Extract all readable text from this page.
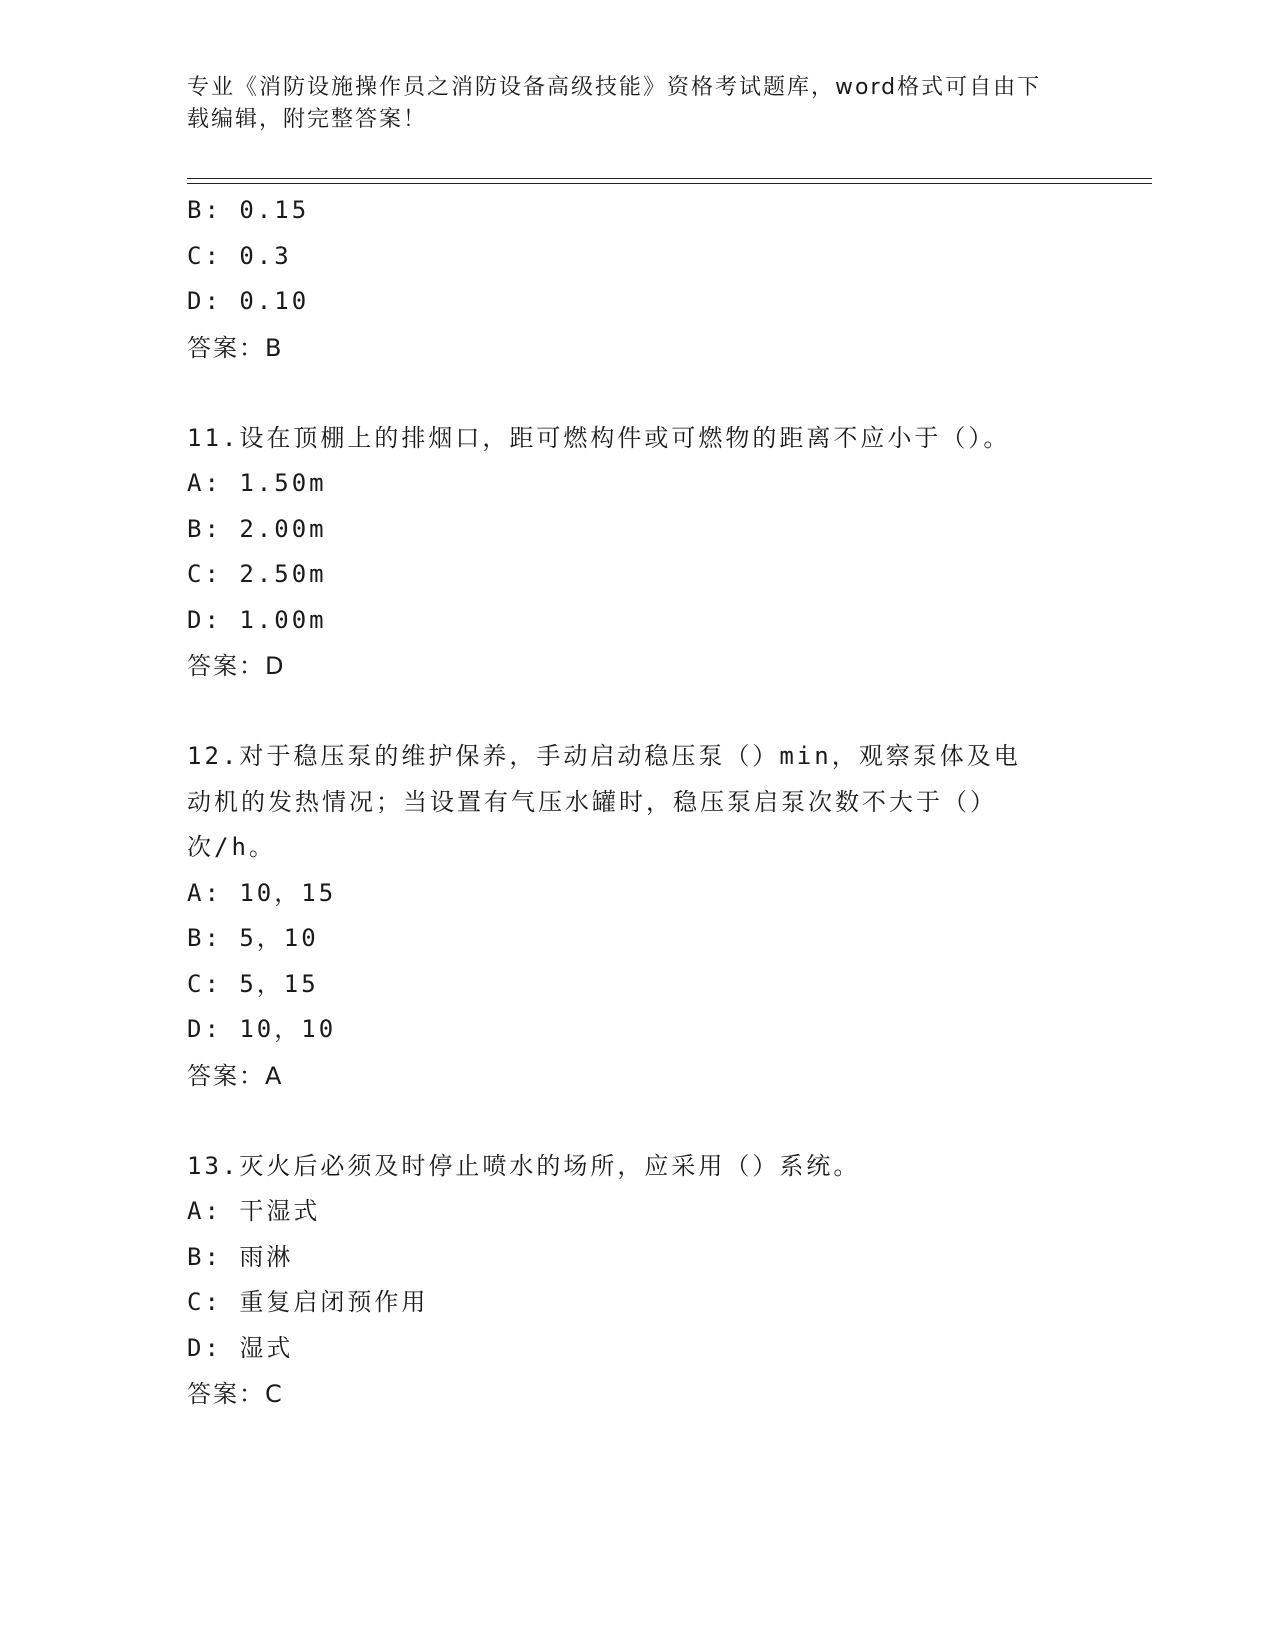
专业《消防设施操作员之消防设备高级技能》资格考试题库，word格式可自由下
载编辑，附完整答案！
B: 0.15
C: 0.3
D: 0.10
答案：B
11.设在顶棚上的排烟口，距可燃构件或可燃物的距离不应小于（）。
A: 1.50m
B: 2.00m
C: 2.50m
D: 1.00m
答案：D
12.对于稳压泵的维护保养，手动启动稳压泵（）min，观察泵体及电
动机的发热情况；当设置有气压水罐时，稳压泵启泵次数不大于（）
次/h。
A: 10，15
B: 5，10
C: 5，15
D: 10，10
答案：A
13.灭火后必须及时停止喷水的场所，应采用（）系统。
A: 干湿式
B: 雨淋
C: 重复启闭预作用
D: 湿式
答案：C
